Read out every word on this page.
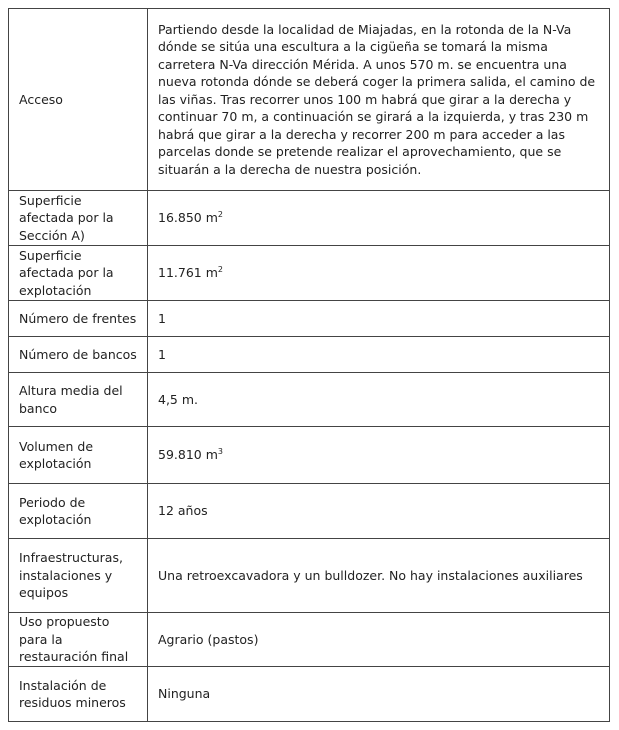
Acceso	Partiendo desde la localidad de Miajadas, en la rotonda de la N-Va dónde se sitúa una escultura a la cigüeña se tomará la misma carretera N-Va dirección Mérida. A unos 570 m. se encuentra una nueva rotonda dónde se deberá coger la primera salida, el camino de las viñas. Tras recorrer unos 100 m habrá que girar a la derecha y continuar 70 m, a continuación se girará a la izquierda, y tras 230 m habrá que girar a la derecha y recorrer 200 m para acceder a las parcelas donde se pretende realizar el aprovechamiento, que se situarán a la derecha de nuestra posición.
Superficie afectada por la Sección A)	16.850 $m^2$
Superficie afectada por la explotación	11.761 $m^2$
Número de frentes	1
Número de bancos	1
Altura media del banco	4,5 m.
Volumen de explotación	59.810 $m^3$
Periodo de explotación	12 años
Infraestructuras, instalaciones y equipos	Una retroexcavadora y un bulldozer. No hay instalaciones auxiliares
Uso propuesto para la restauración final	Agrario (pastos)
Instalación de residuos mineros	Ninguna
